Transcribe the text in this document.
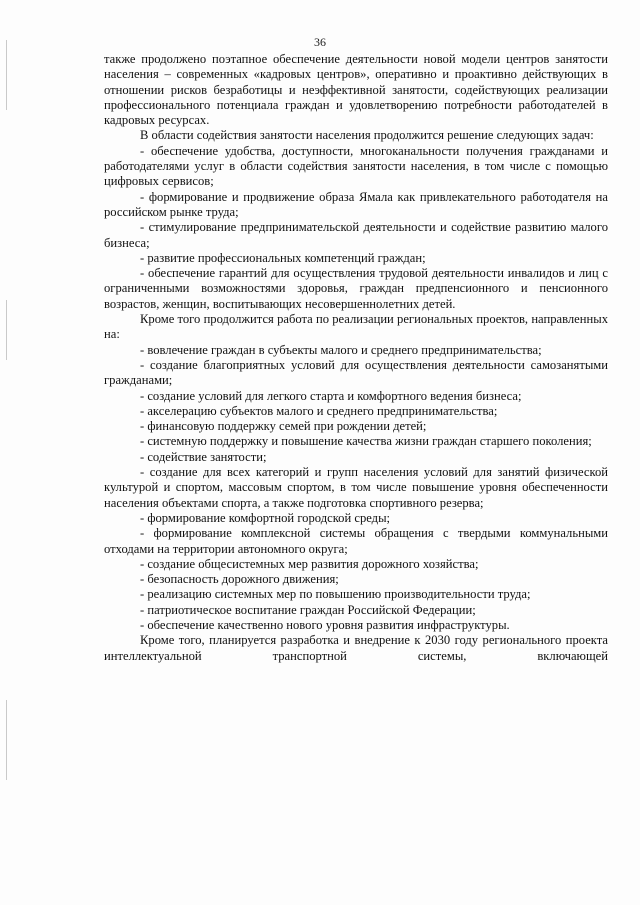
36

также продолжено поэтапное обеспечение деятельности новой модели центров занятости населения – современных «кадровых центров», оперативно и проактивно действующих в отношении рисков безработицы и неэффективной занятости, содействующих реализации профессионального потенциала граждан и удовлетворению потребности работодателей в кадровых ресурсах.

В области содействия занятости населения продолжится решение следующих задач:

- обеспечение удобства, доступности, многоканальности получения гражданами и работодателями услуг в области содействия занятости населения, в том числе с помощью цифровых сервисов;

- формирование и продвижение образа Ямала как привлекательного работодателя на российском рынке труда;

- стимулирование предпринимательской деятельности и содействие развитию малого бизнеса;

- развитие профессиональных компетенций граждан;

- обеспечение гарантий для осуществления трудовой деятельности инвалидов и лиц с ограниченными возможностями здоровья, граждан предпенсионного и пенсионного возрастов, женщин, воспитывающих несовершеннолетних детей.

Кроме того продолжится работа по реализации региональных проектов, направленных на:

- вовлечение граждан в субъекты малого и среднего предпринимательства;

- создание благоприятных условий для осуществления деятельности самозанятыми гражданами;

- создание условий для легкого старта и комфортного ведения бизнеса;

- акселерацию субъектов малого и среднего предпринимательства;

- финансовую поддержку семей при рождении детей;

- системную поддержку и повышение качества жизни граждан старшего поколения;

- содействие занятости;

- создание для всех категорий и групп населения условий для занятий физической культурой и спортом, массовым спортом, в том числе повышение уровня обеспеченности населения объектами спорта, а также подготовка спортивного резерва;

- формирование комфортной городской среды;

- формирование комплексной системы обращения с твердыми коммунальными отходами на территории автономного округа;

- создание общесистемных мер развития дорожного хозяйства;

- безопасность дорожного движения;

- реализацию системных мер по повышению производительности труда;

- патриотическое воспитание граждан Российской Федерации;

- обеспечение качественно нового уровня развития инфраструктуры.

Кроме того, планируется разработка и внедрение к 2030 году регионального проекта интеллектуальной транспортной системы, включающей
